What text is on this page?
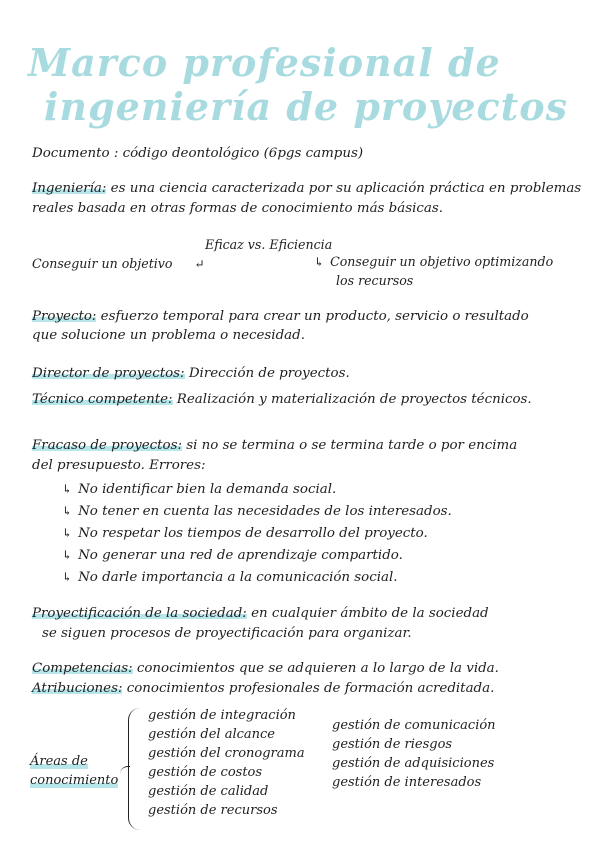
Marco profesional de
ingeniería de proyectos
Documento : código deontológico (6pgs campus)
Ingeniería: es una ciencia caracterizada por su aplicación práctica en problemas
reales basada en otras formas de conocimiento más básicas.
Eficaz vs. Eficiencia
Conseguir un objetivo ↵	↳ Conseguir un objetivo optimizando
los recursos
Proyecto: esfuerzo temporal para crear un producto, servicio o resultado
que solucione un problema o necesidad.
Director de proyectos: Dirección de proyectos.
Técnico competente: Realización y materialización de proyectos técnicos.
Fracaso de proyectos: si no se termina o se termina tarde o por encima
del presupuesto. Errores:
↳ No identificar bien la demanda social.
↳ No tener en cuenta las necesidades de los interesados.
↳ No respetar los tiempos de desarrollo del proyecto.
↳ No generar una red de aprendizaje compartido.
↳ No darle importancia a la comunicación social.
Proyectificación de la sociedad: en cualquier ámbito de la sociedad
se siguen procesos de proyectificación para organizar.
Competencias: conocimientos que se adquieren a lo largo de la vida.
Atribuciones: conocimientos profesionales de formación acreditada.
Áreas de
conocimiento
gestión de integración
gestión del alcance
gestión del cronograma
gestión de costos
gestión de calidad
gestión de recursos
gestión de comunicación
gestión de riesgos
gestión de adquisiciones
gestión de interesados
